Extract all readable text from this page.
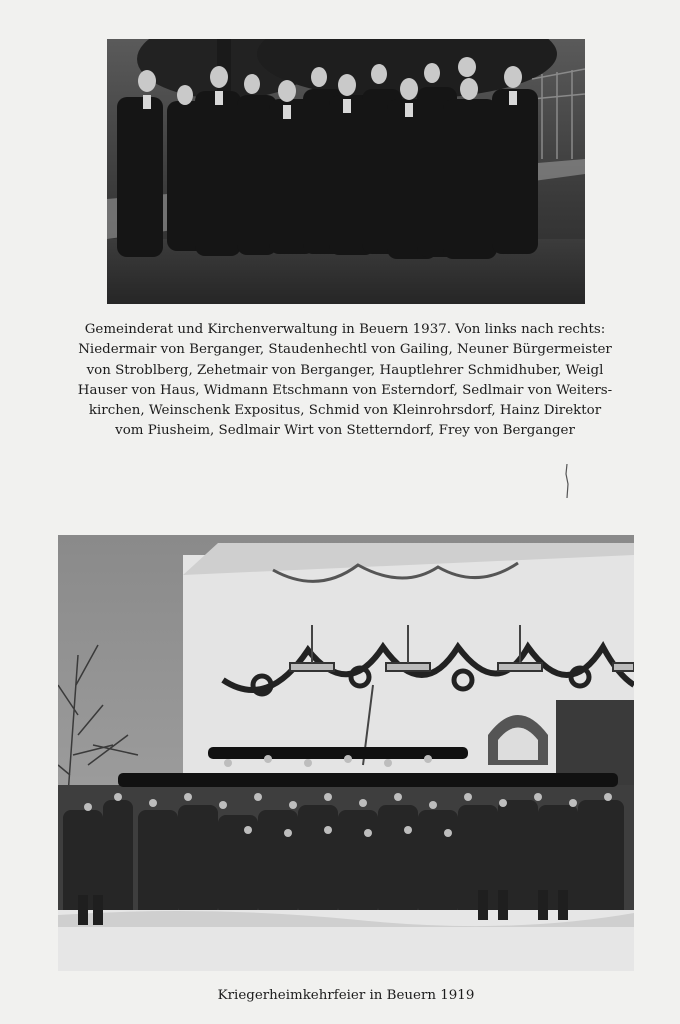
Gemeinderat und Kirchenverwaltung in Beuern 1937. Von links nach rechts:
Niedermair von Berganger, Staudenhechtl von Gailing, Neuner Bürgermeister
von Stroblberg, Zehetmair von Berganger, Hauptlehrer Schmidhuber, Weigl
Hauser von Haus, Widmann Etschmann von Esterndorf, Sedlmair von Weiters-
kirchen, Weinschenk Expositus, Schmid von Kleinrohrsdorf, Hainz Direktor
vom Piusheim, Sedlmair Wirt von Stetterndorf, Frey von Berganger
Kriegerheimkehrfeier in Beuern 1919
